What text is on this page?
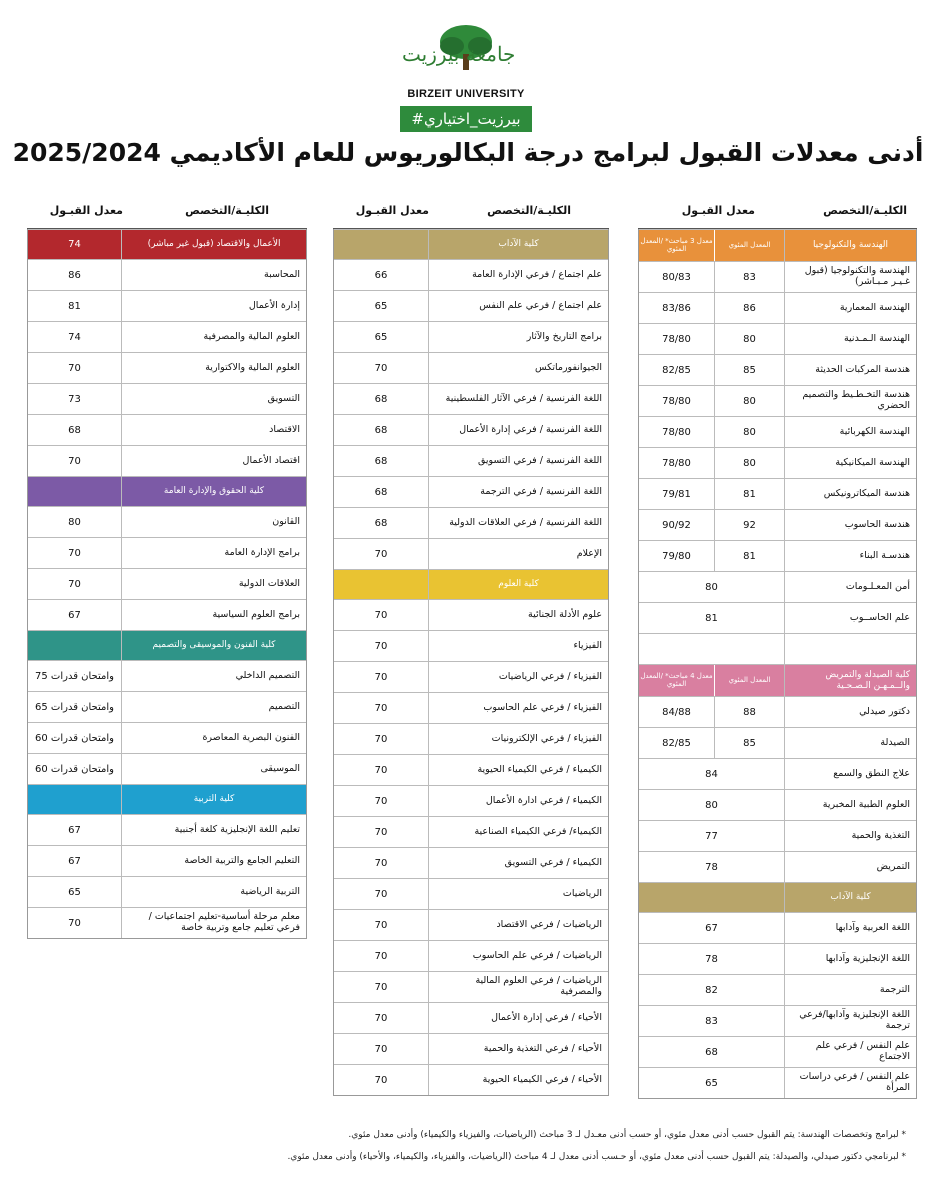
جامعة بيرزيت
BIRZEIT UNIVERSITY
#بيرزيت_اختياري
أدنى معدلات القبول لبرامج درجة البكالوريوس للعام الأكاديمي 2025/2024
الكليـة/التخصص
معدل القبـول
الهندسة والتكنولوجيا
المعدل المئوي
معدل 3 مباحث* /المعدل المئوي
الهندسة والتكنولوجيا (قبول غـيـر مـبـاشر)
83
80/83
الهندسة المعمارية
86
83/86
الهندسة الـمـدنية
80
78/80
هندسة المركبات الحديثة
85
82/85
هندسة التخـطـيط والتصميم الحضري
80
78/80
الهندسة الكهربائية
80
78/80
الهندسة الميكانيكية
80
78/80
هندسة الميكاترونيكس
81
79/81
هندسة الحاسوب
92
90/92
هندسـة البناء
81
79/80
أمن المعـلـومات
80
علم الحاســوب
81
كلية الصيدلة والتمريض والــمـهـن الـصـحـية
المعدل المئوي
معدل 4 مباحث* /المعدل المئوي
دكتور صيدلي
88
84/88
الصيدلة
85
82/85
علاج النطق والسمع
84
العلوم الطبية المخبرية
80
التغذية والحمية
77
التمريض
78
كلية الآداب
اللغة العربية وآدابها
67
اللغة الإنجليزية وآدابها
78
الترجمة
82
اللغة الإنجليزية وآدابها/فرعي ترجمة
83
علم النفس / فرعي علم الاجتماع
68
علم النفس / فرعي دراسات المرأة
65
الكليـة/التخصص
معدل القبـول
كلية الآداب
علم اجتماع / فرعي الإدارة العامة
66
علم اجتماع / فرعي علم النفس
65
برامج التاريخ والآثار
65
الجيوانفورماتكس
70
اللغة الفرنسية / فرعي الآثار الفلسطينية
68
اللغة الفرنسية / فرعي إدارة الأعمال
68
اللغة الفرنسية / فرعي التسويق
68
اللغة الفرنسية / فرعي الترجمة
68
اللغة الفرنسية / فرعي العلاقات الدولية
68
الإعلام
70
كلية العلوم
علوم الأدلة الجنائية
70
الفيزياء
70
الفيزياء / فرعي الرياضيات
70
الفيزياء / فرعي علم الحاسوب
70
الفيزياء / فرعي الإلكترونيات
70
الكيمياء / فرعي الكيمياء الحيوية
70
الكيمياء / فرعي ادارة الأعمال
70
الكيمياء/ فرعي الكيمياء الصناعية
70
الكيمياء / فرعي التسويق
70
الرياضيات
70
الرياضيات / فرعي الاقتصاد
70
الرياضيات / فرعي علم الحاسوب
70
الرياضيات / فرعي العلوم المالية والمصرفية
70
الأحياء / فرعي إدارة الأعمال
70
الأحياء / فرعي التغذية والحمية
70
الأحياء / فرعي الكيمياء الحيوية
70
الكليـة/التخصص
معدل القبـول
الأعمال والاقتصاد (قبول غير مباشر)
74
المحاسبة
86
إدارة الأعمال
81
العلوم المالية والمصرفية
74
العلوم المالية والاكتوارية
70
التسويق
73
الاقتصاد
68
اقتصاد الأعمال
70
كلية الحقوق والإدارة العامة
القانون
80
برامج الإدارة العامة
70
العلاقات الدولية
70
برامج العلوم السياسية
67
كلية الفنون والموسيقى والتصميم
التصميم الداخلي
75 وامتحان قدرات
التصميم
65 وامتحان قدرات
الفنون البصرية المعاصرة
60 وامتحان قدرات
الموسيقى
60 وامتحان قدرات
كلية التربية
تعليم اللغة الإنجليزية كلغة أجنبية
67
التعليم الجامع والتربية الخاصة
67
التربية الرياضية
65
معلم مرحلة أساسية-تعليم اجتماعيات / فرعي تعليم جامع وتربية خاصة
70
* لبرامج وتخصصات الهندسة: يتم القبول حسب أدنى معدل مئوي، أو حسب أدنى معـدل لـ 3 مباحث (الرياضيات، والفيزياء والكيمياء) وأدنى معدل مئوي.
* لبرنامجي دكتور صيدلي، والصيدلة: يتم القبول حسب أدنى معدل مئوي، أو حـسب أدنى معدل لـ 4 مباحث (الرياضيات، والفيزياء، والكيمياء، والأحياء) وأدنى معدل مئوي.
